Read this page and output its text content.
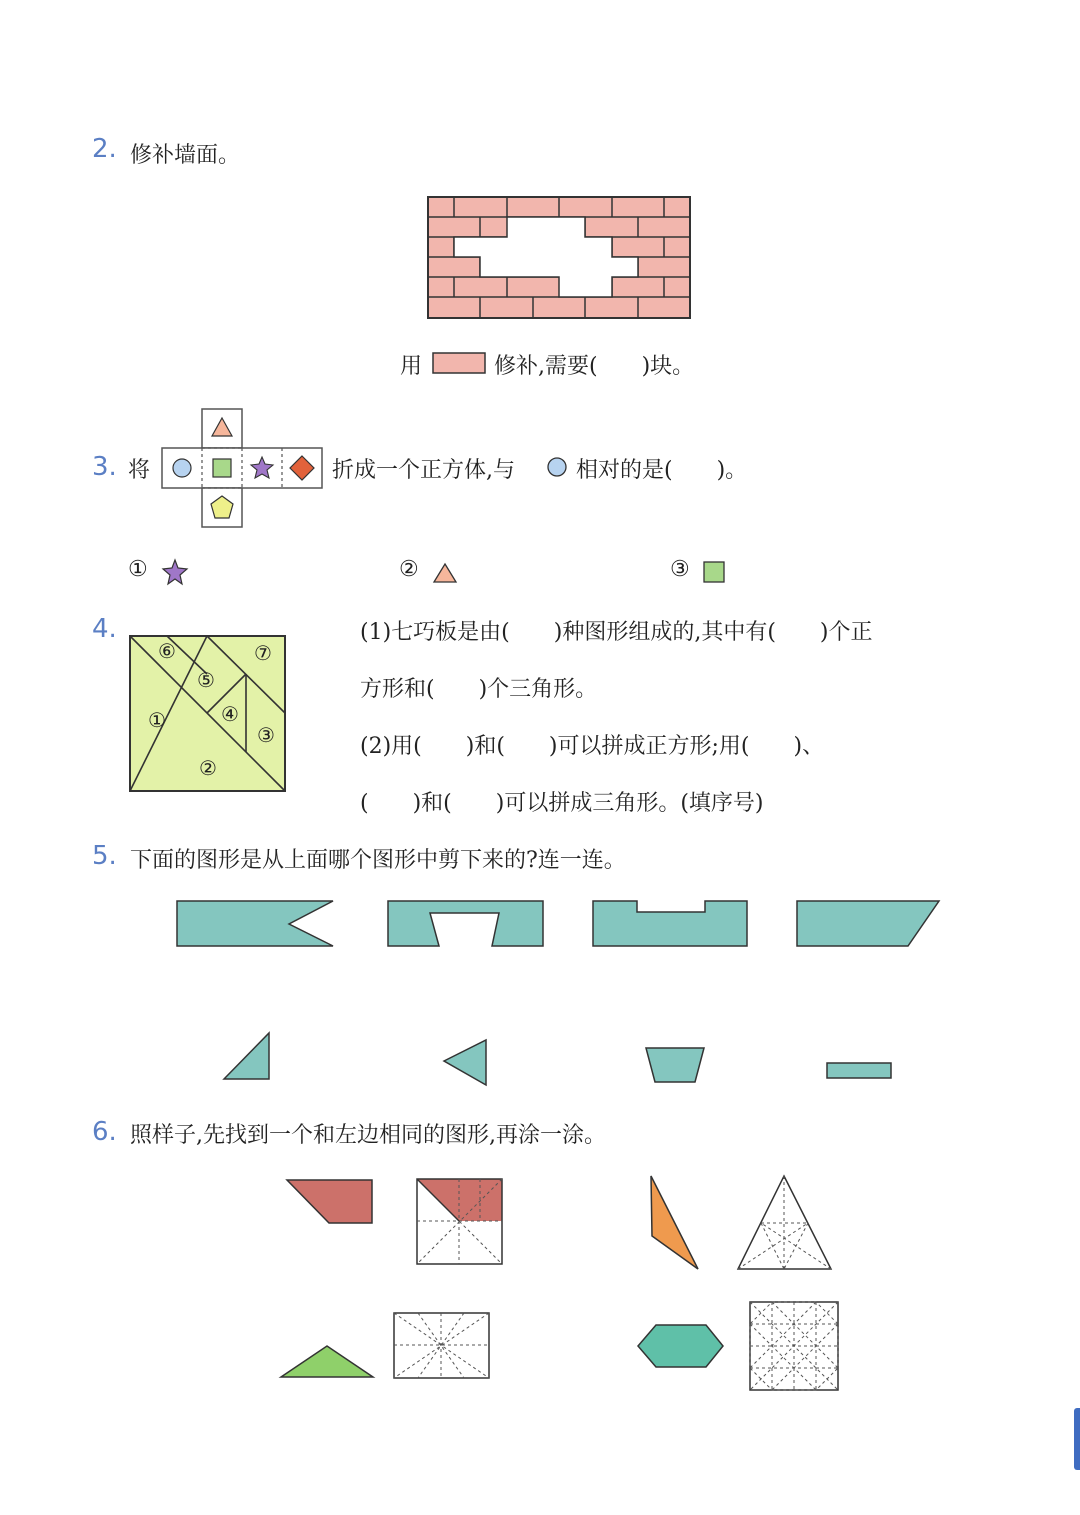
2. 修补墙面。
用	修补,需要(　　)块。
3. 将	折成一个正方体,与	相对的是(　　)。
①	②	③
4.
①
②
③
④
⑤
⑥	⑦
(1)七巧板是由(　　)种图形组成的,其中有(　　)个正
方形和(　　)个三角形。
(2)用(　　)和(　　)可以拼成正方形;用(　　)、
(　　)和(　　)可以拼成三角形。(填序号)
5. 下面的图形是从上面哪个图形中剪下来的?连一连。
6. 照样子,先找到一个和左边相同的图形,再涂一涂。
